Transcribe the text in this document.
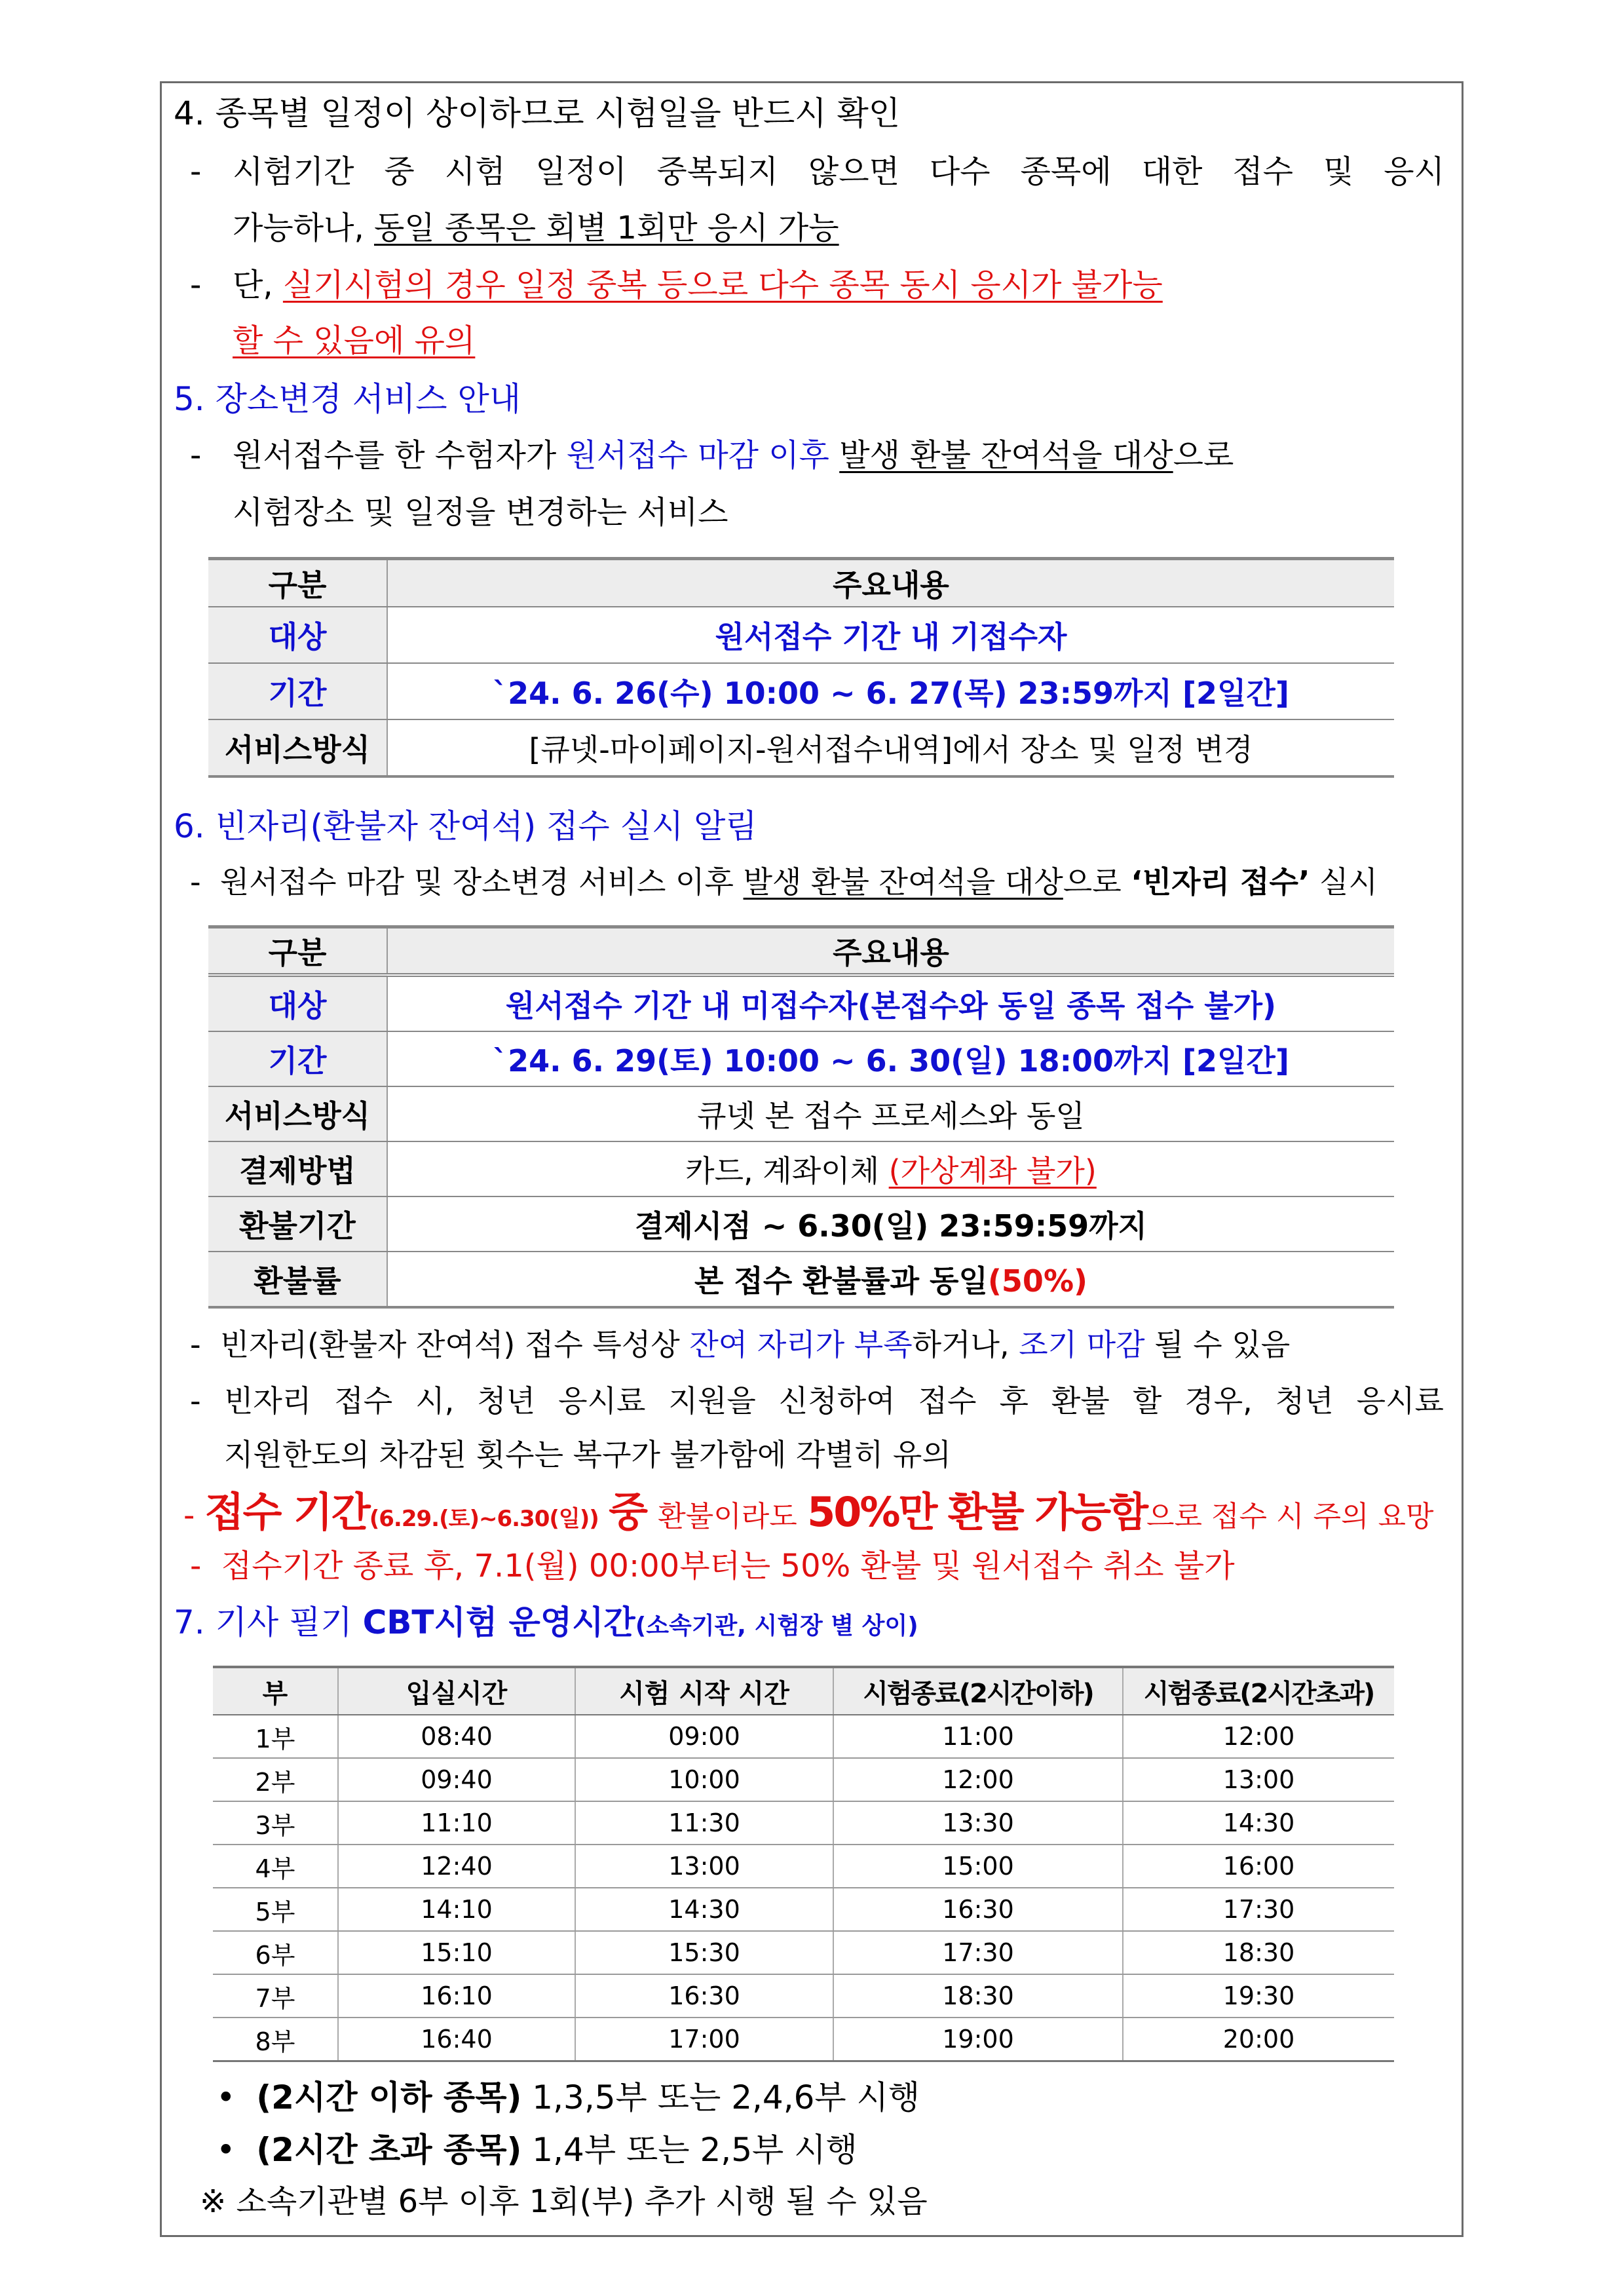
4. 종목별 일정이 상이하므로 시험일을 반드시 확인
- 시험기간 중 시험 일정이 중복되지 않으면 다수 종목에 대한 접수 및 응시
가능하나, 동일 종목은 회별 1회만 응시 가능
- 단, 실기시험의 경우 일정 중복 등으로 다수 종목 동시 응시가 불가능
할 수 있음에 유의
5. 장소변경 서비스 안내
- 원서접수를 한 수험자가 원서접수 마감 이후 발생 환불 잔여석을 대상으로
시험장소 및 일정을 변경하는 서비스
구분	주요내용
대상	원서접수 기간 내 기접수자
기간	`24. 6. 26(수) 10:00 ~ 6. 27(목) 23:59까지 [2일간]
서비스방식	[큐넷-마이페이지-원서접수내역]에서 장소 및 일정 변경
6. 빈자리(환불자 잔여석) 접수 실시 알림
-  원서접수 마감 및 장소변경 서비스 이후 발생 환불 잔여석을 대상으로 ‘빈자리 접수’ 실시
구분	주요내용
대상	원서접수 기간 내 미접수자(본접수와 동일 종목 접수 불가)
기간	`24. 6. 29(토) 10:00 ~ 6. 30(일) 18:00까지 [2일간]
서비스방식	큐넷 본 접수 프로세스와 동일
결제방법	카드, 계좌이체 (가상계좌 불가)
환불기간	결제시점 ~ 6.30(일) 23:59:59까지
환불률	본 접수 환불률과 동일(50%)
-  빈자리(환불자 잔여석) 접수 특성상 잔여 자리가 부족하거나, 조기 마감 될 수 있음
- 빈자리 접수 시, 청년 응시료 지원을 신청하여 접수 후 환불 할 경우, 청년 응시료
지원한도의 차감된 횟수는 복구가 불가함에 각별히 유의
- 접수 기간(6.29.(토)~6.30(일)) 중 환불이라도 50%만 환불 가능함으로 접수 시 주의 요망
-  접수기간 종료 후, 7.1(월) 00:00부터는 50% 환불 및 원서접수 취소 불가
7. 기사 필기 CBT시험 운영시간(소속기관, 시험장 별 상이)
부	입실시간	시험 시작 시간	시험종료(2시간이하)	시험종료(2시간초과)
1부	08:40	09:00	11:00	12:00
2부	09:40	10:00	12:00	13:00
3부	11:10	11:30	13:30	14:30
4부	12:40	13:00	15:00	16:00
5부	14:10	14:30	16:30	17:30
6부	15:10	15:30	17:30	18:30
7부	16:10	16:30	18:30	19:30
8부	16:40	17:00	19:00	20:00
•  (2시간 이하 종목) 1,3,5부 또는 2,4,6부 시행
•  (2시간 초과 종목) 1,4부 또는 2,5부 시행
※ 소속기관별 6부 이후 1회(부) 추가 시행 될 수 있음
